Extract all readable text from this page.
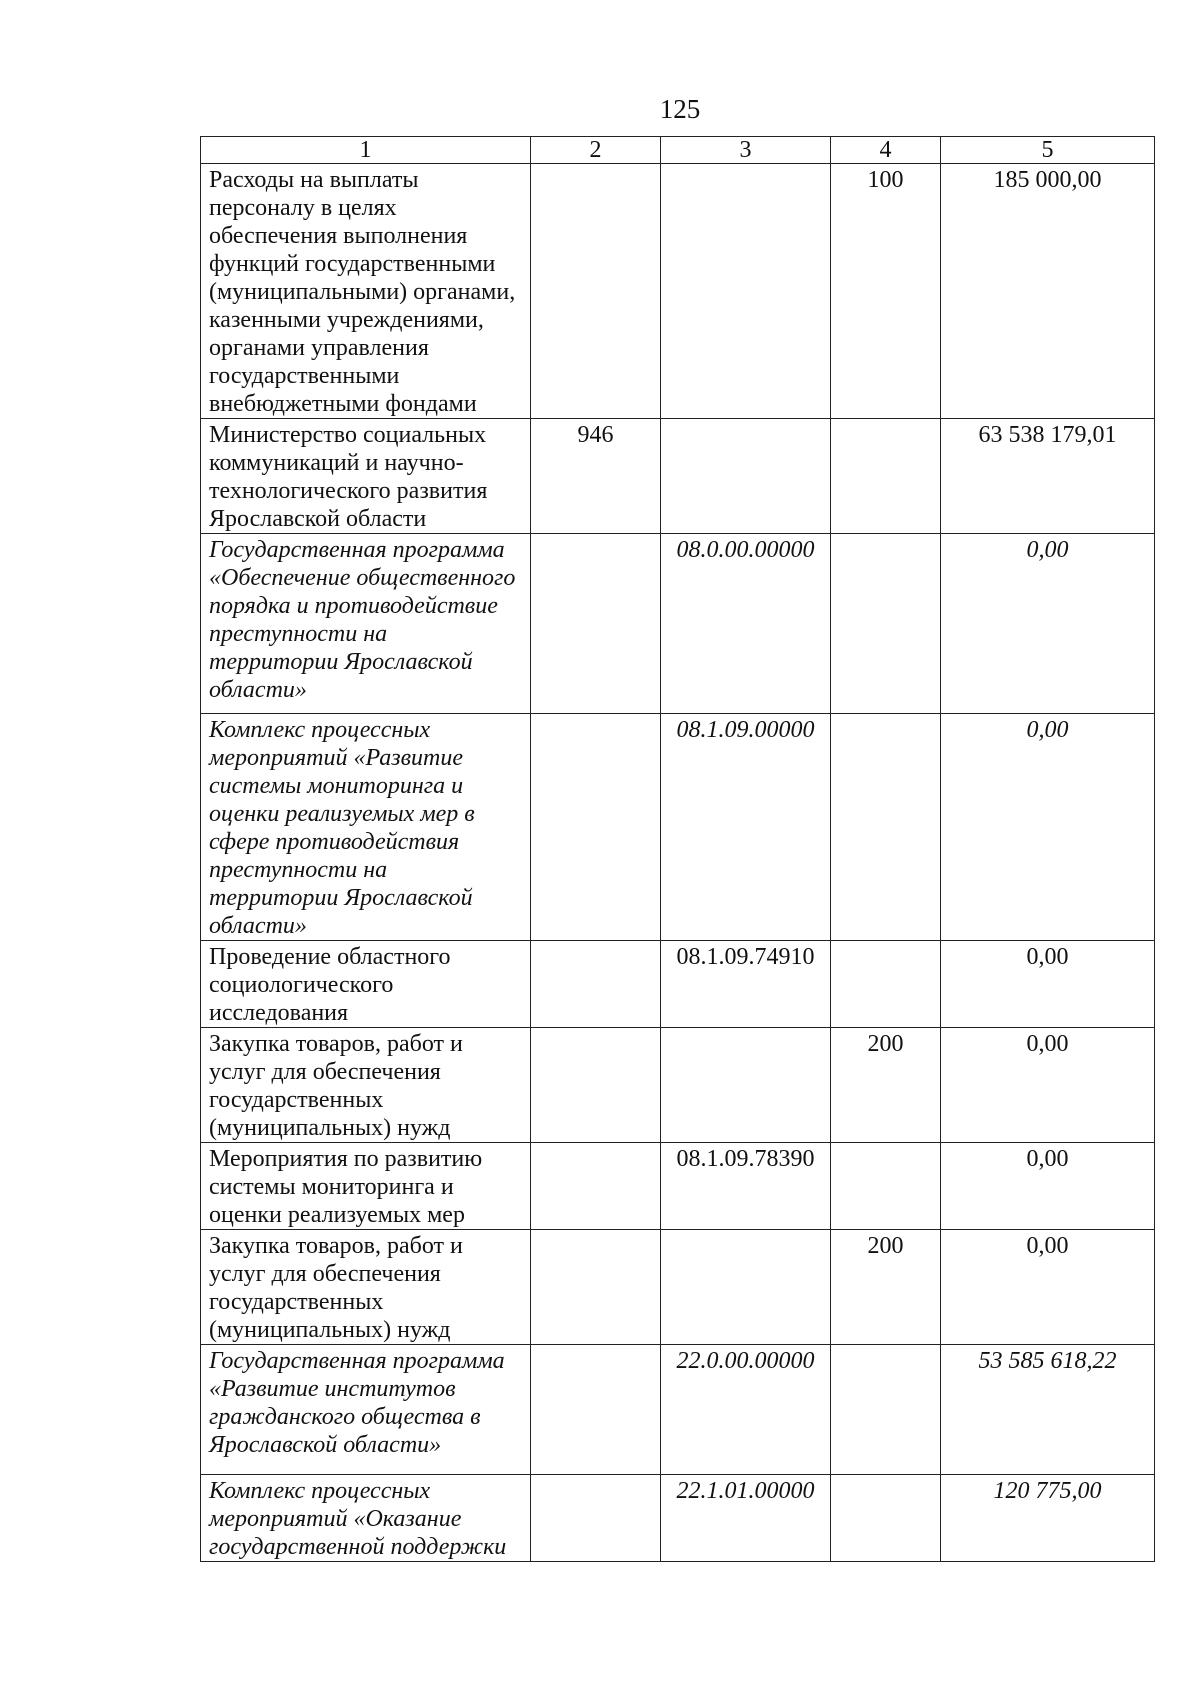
125
1	2	3	4	5
Расходы на выплаты персоналу в целях обеспечения выполнения функций государственными (муниципальными) органами, казенными учреждениями, органами управления государственными внебюджетными фондами			100	185 000,00
Министерство социальных коммуникаций и научно-технологического развития Ярославской области	946			63 538 179,01
Государственная программа «Обеспечение общественного порядка и противодействие преступности на территории Ярославской области»		08.0.00.00000		0,00
Комплекс процессных мероприятий «Развитие системы мониторинга и оценки реализуемых мер в сфере противодействия преступности на территории Ярославской области»		08.1.09.00000		0,00
Проведение областного социологического исследования		08.1.09.74910		0,00
Закупка товаров, работ и услуг для обеспечения государственных (муниципальных) нужд			200	0,00
Мероприятия по развитию системы мониторинга и оценки реализуемых мер		08.1.09.78390		0,00
Закупка товаров, работ и услуг для обеспечения государственных (муниципальных) нужд			200	0,00
Государственная программа «Развитие институтов гражданского общества в Ярославской области»		22.0.00.00000		53 585 618,22
Комплекс процессных мероприятий «Оказание государственной поддержки		22.1.01.00000		120 775,00
